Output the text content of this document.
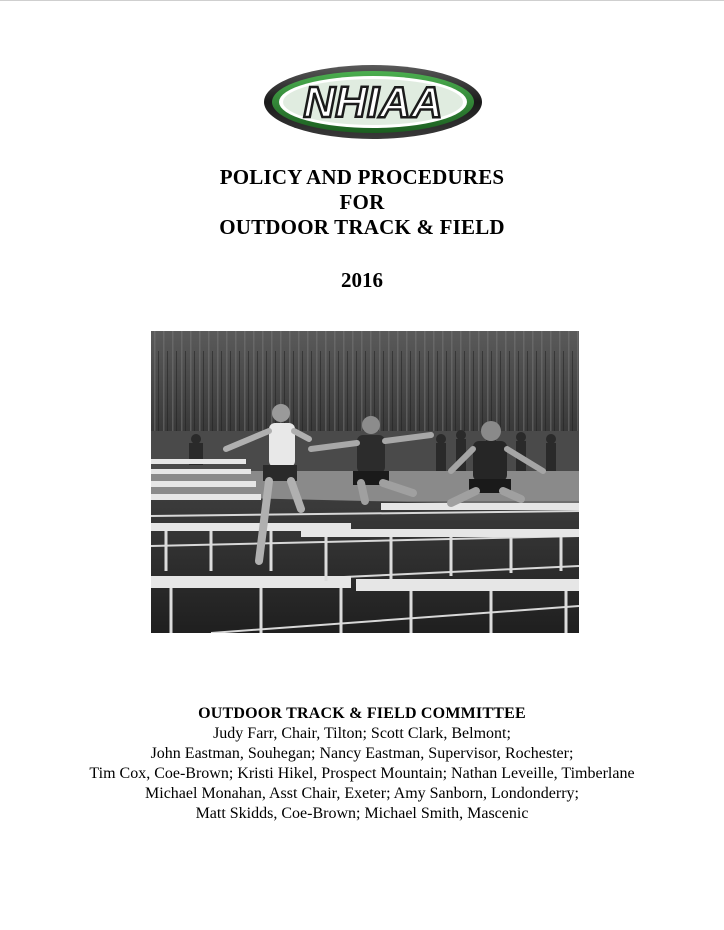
NHIAA
POLICY AND PROCEDURES
FOR
OUTDOOR TRACK & FIELD
2016
OUTDOOR TRACK & FIELD COMMITTEE
Judy Farr, Chair, Tilton; Scott Clark, Belmont;
John Eastman, Souhegan; Nancy Eastman, Supervisor, Rochester;
Tim Cox, Coe-Brown; Kristi Hikel, Prospect Mountain; Nathan Leveille, Timberlane
Michael Monahan, Asst Chair, Exeter; Amy Sanborn, Londonderry;
Matt Skidds, Coe-Brown; Michael Smith, Mascenic
